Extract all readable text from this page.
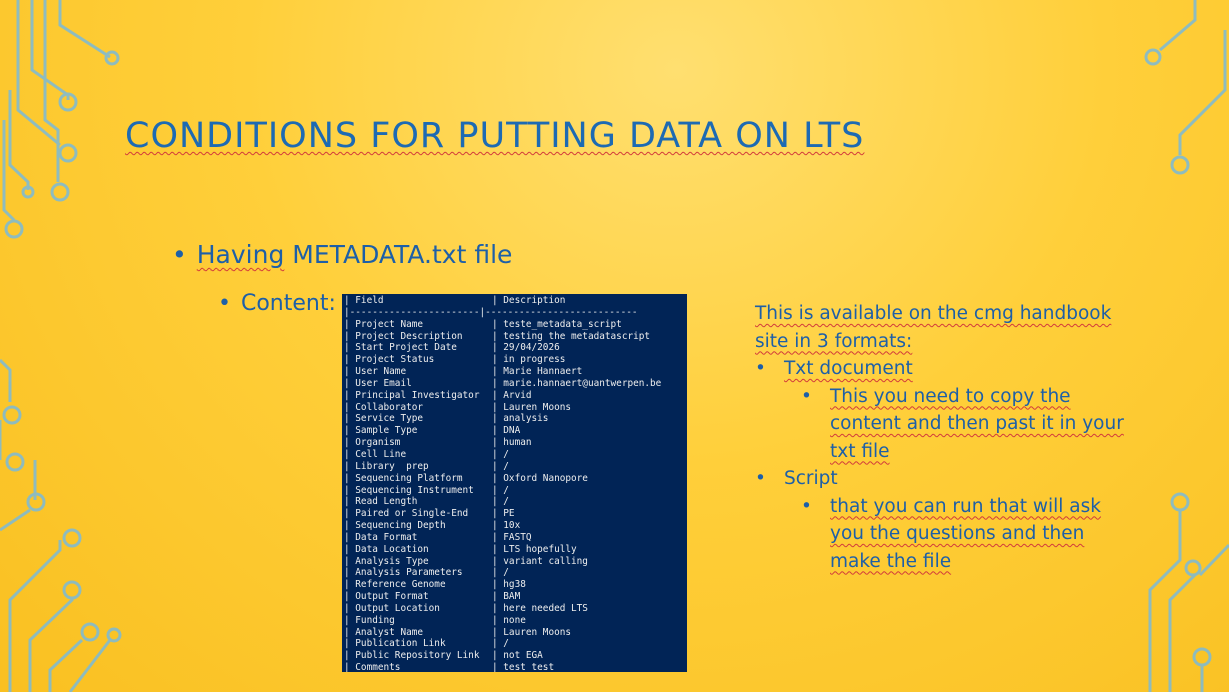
CONDITIONS FOR PUTTING DATA ON LTS
• Having METADATA.txt file
• Content: | Field	| Description
|-----------------------|---------------------------
| Project Name	| teste_metadata_script
| Project Description	| testing the metadatascript
| Start Project Date	| 29/04/2026
| Project Status	| in progress
| User Name	| Marie Hannaert
| User Email	| marie.hannaert@uantwerpen.be
| Principal Investigator	| Arvid
| Collaborator	| Lauren Moons
| Service Type	| analysis
| Sample Type	| DNA
| Organism	| human
| Cell Line	| /
| Library  prep	| /
| Sequencing Platform	| Oxford Nanopore
| Sequencing Instrument	| /
| Read Length	| /
| Paired or Single-End	| PE
| Sequencing Depth	| 10x
| Data Format	| FASTQ
| Data Location	| LTS hopefully
| Analysis Type	| variant calling
| Analysis Parameters	| /
| Reference Genome	| hg38
| Output Format	| BAM
| Output Location	| here needed LTS
| Funding	| none
| Analyst Name	| Lauren Moons
| Publication Link	| /
| Public Repository Link	| not EGA
| Comments	| test test

This is available on the cmg handbook site in 3 formats:

• Txt document

• This you need to copy the content and then past it in your txt file

• Script

• that you can run that will ask you the questions and then make the file
